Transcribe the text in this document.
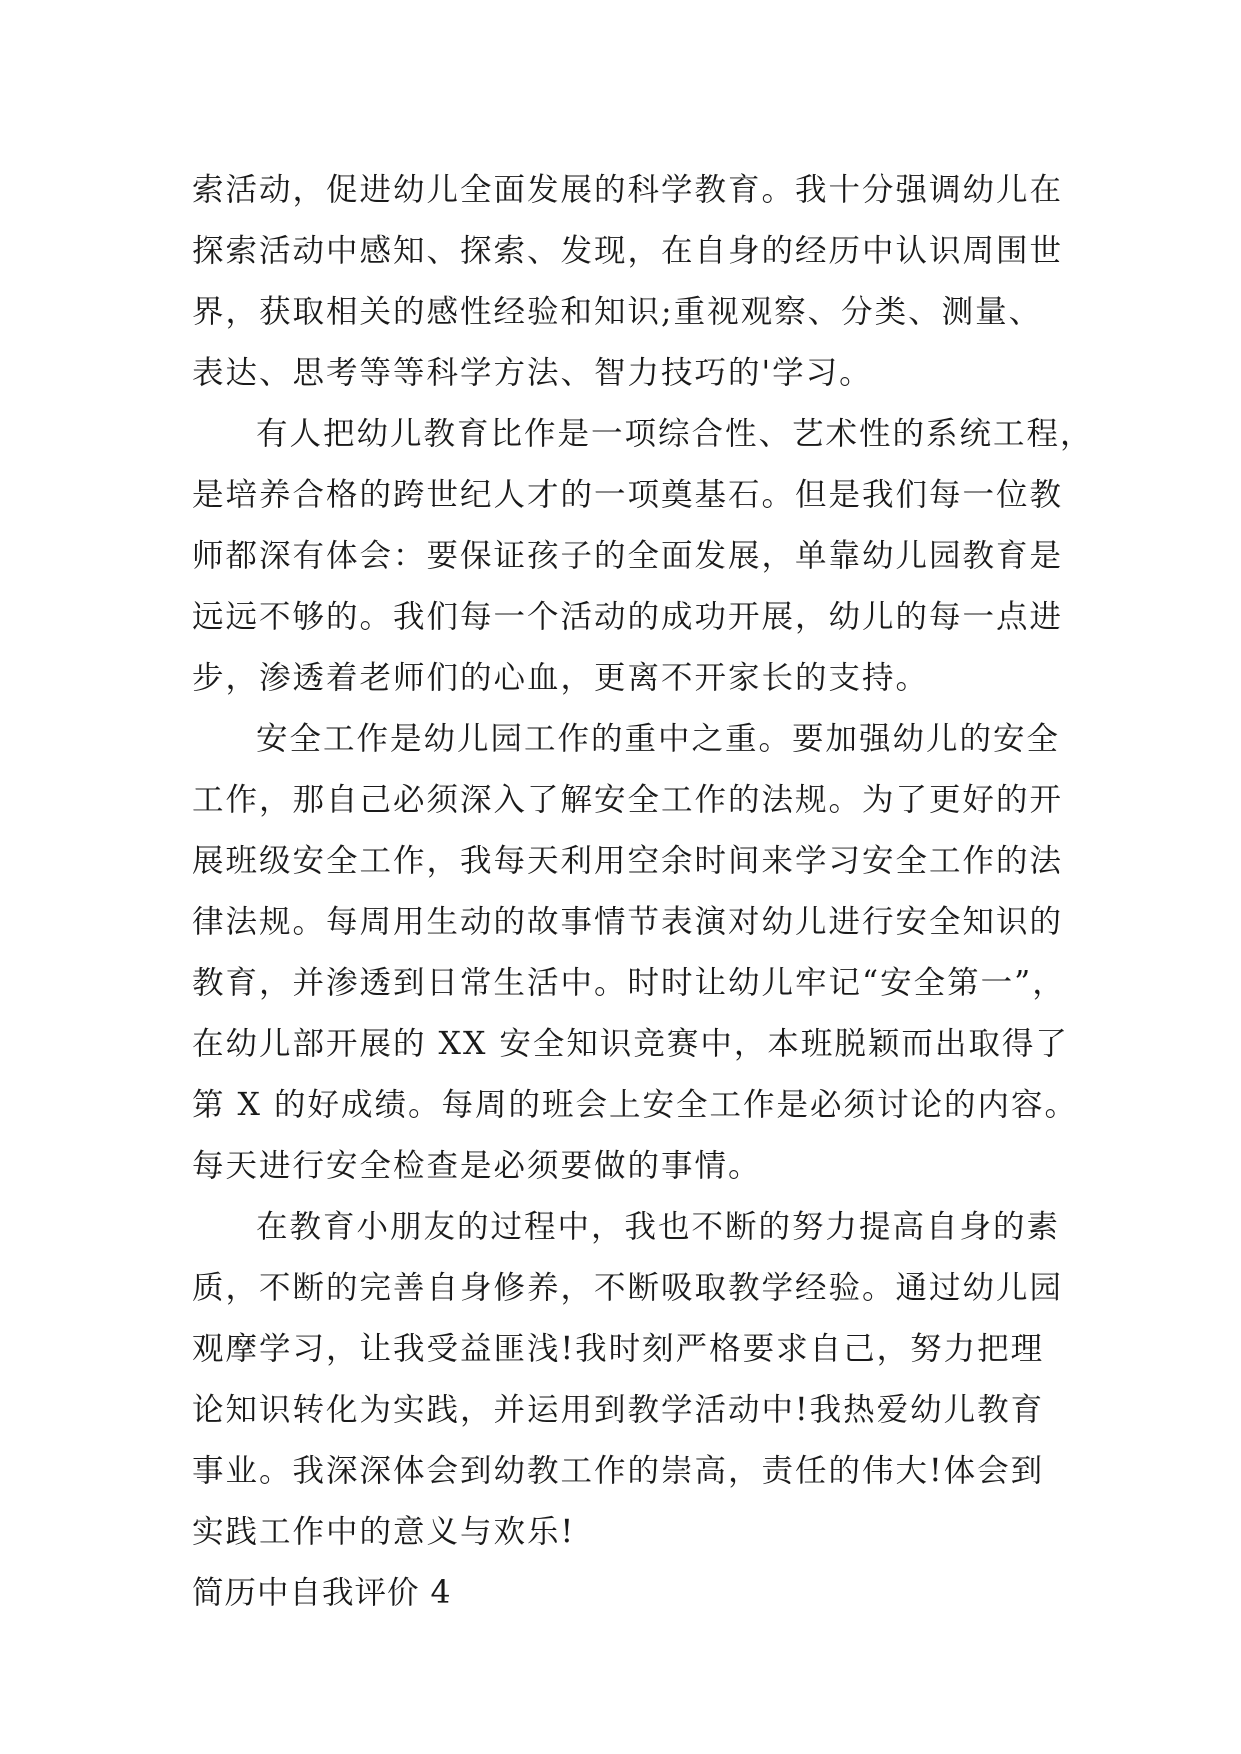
索活动，促进幼儿全面发展的科学教育。我十分强调幼儿在
探索活动中感知、探索、发现，在自身的经历中认识周围世
界，获取相关的感性经验和知识;重视观察、分类、测量、
表达、思考等等科学方法、智力技巧的'学习。
有人把幼儿教育比作是一项综合性、艺术性的系统工程，
是培养合格的跨世纪人才的一项奠基石。但是我们每一位教
师都深有体会：要保证孩子的全面发展，单靠幼儿园教育是
远远不够的。我们每一个活动的成功开展，幼儿的每一点进
步，渗透着老师们的心血，更离不开家长的支持。
安全工作是幼儿园工作的重中之重。要加强幼儿的安全
工作，那自己必须深入了解安全工作的法规。为了更好的开
展班级安全工作，我每天利用空余时间来学习安全工作的法
律法规。每周用生动的故事情节表演对幼儿进行安全知识的
教育，并渗透到日常生活中。时时让幼儿牢记“安全第一”，
在幼儿部开展的 XX 安全知识竞赛中，本班脱颖而出取得了
第 X 的好成绩。每周的班会上安全工作是必须讨论的内容。
每天进行安全检查是必须要做的事情。
在教育小朋友的过程中，我也不断的努力提高自身的素
质，不断的完善自身修养，不断吸取教学经验。通过幼儿园
观摩学习，让我受益匪浅!我时刻严格要求自己，努力把理
论知识转化为实践，并运用到教学活动中!我热爱幼儿教育
事业。我深深体会到幼教工作的崇高，责任的伟大!体会到
实践工作中的意义与欢乐!
简历中自我评价 4
